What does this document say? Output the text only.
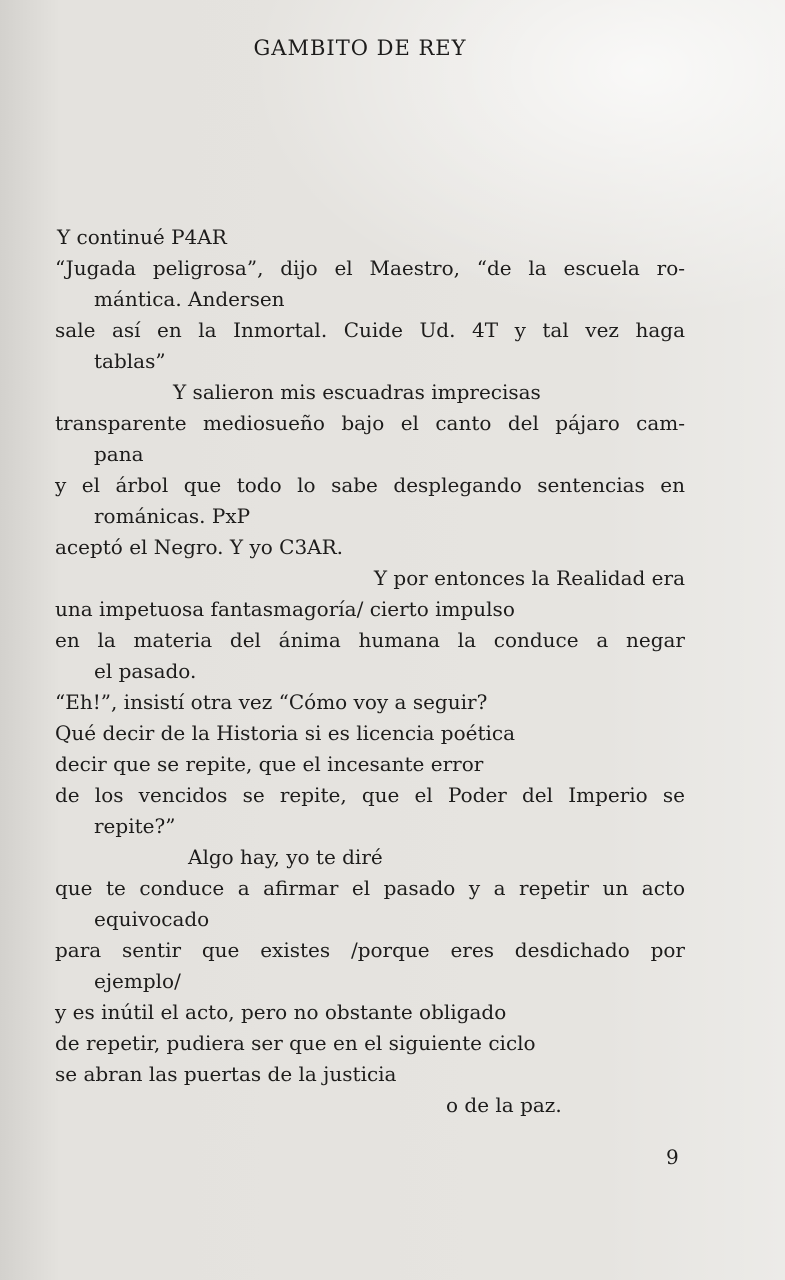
GAMBITO DE REY
Y continué P4AR
“Jugada peligrosa”, dijo el Maestro, “de la escuela ro-
mántica. Andersen
sale así en la Inmortal. Cuide Ud. 4T y tal vez haga
tablas”
Y salieron mis escuadras imprecisas
transparente mediosueño bajo el canto del pájaro cam-
pana
y el árbol que todo lo sabe desplegando sentencias en
románicas. PxP
aceptó el Negro. Y yo C3AR.
Y por entonces la Realidad era
una impetuosa fantasmagoría/ cierto impulso
en la materia del ánima humana la conduce a negar
el pasado.
“Eh!”, insistí otra vez “Cómo voy a seguir?
Qué decir de la Historia si es licencia poética
decir que se repite, que el incesante error
de los vencidos se repite, que el Poder del Imperio se
repite?”
Algo hay, yo te diré
que te conduce a afirmar el pasado y a repetir un acto
equivocado
para sentir que existes /porque eres desdichado por
ejemplo/
y es inútil el acto, pero no obstante obligado
de repetir, pudiera ser que en el siguiente ciclo
se abran las puertas de la justicia
o de la paz.
9
